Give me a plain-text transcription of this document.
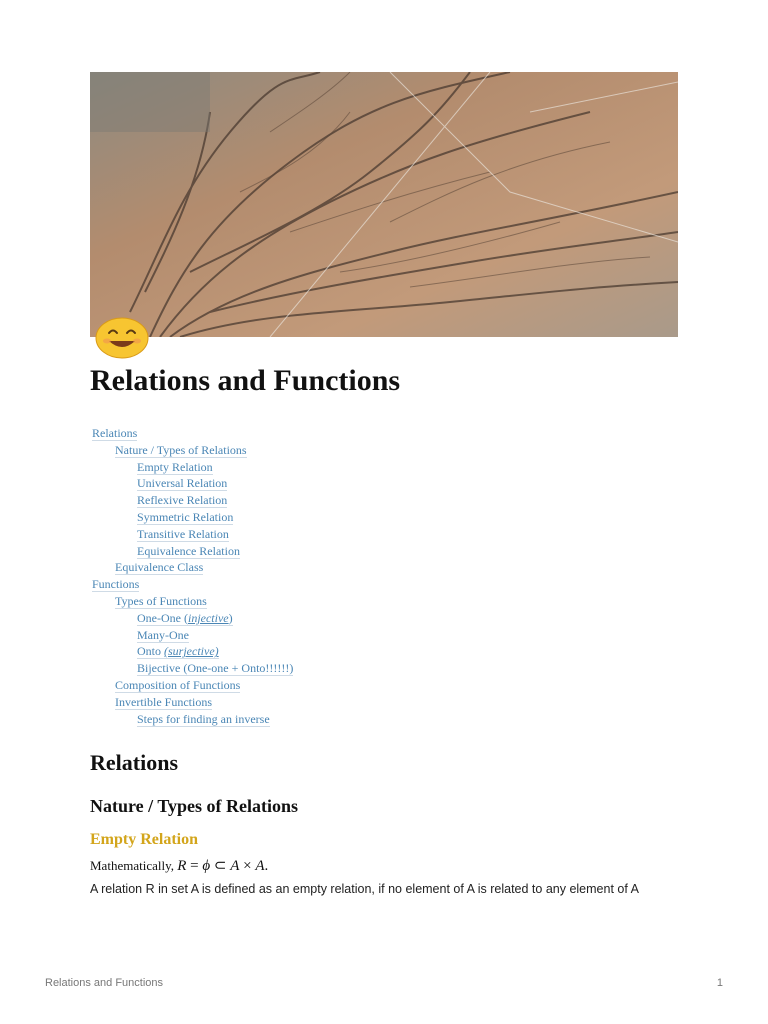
Relations and Functions
Relations
Nature / Types of Relations
Empty Relation
Universal Relation
Reflexive Relation
Symmetric Relation
Transitive Relation
Equivalence Relation
Equivalence Class
Functions
Types of Functions
One-One (injective)
Many-One
Onto (surjective)
Bijective (One-one + Onto!!!!!!)
Composition of Functions
Invertible Functions
Steps for finding an inverse
Relations
Nature / Types of Relations
Empty Relation

Mathematically, R = ϕ ⊂ A × A.

A relation R in set A is defined as an empty relation, if no element of A is related to any element of A

Relations and Functions	1
